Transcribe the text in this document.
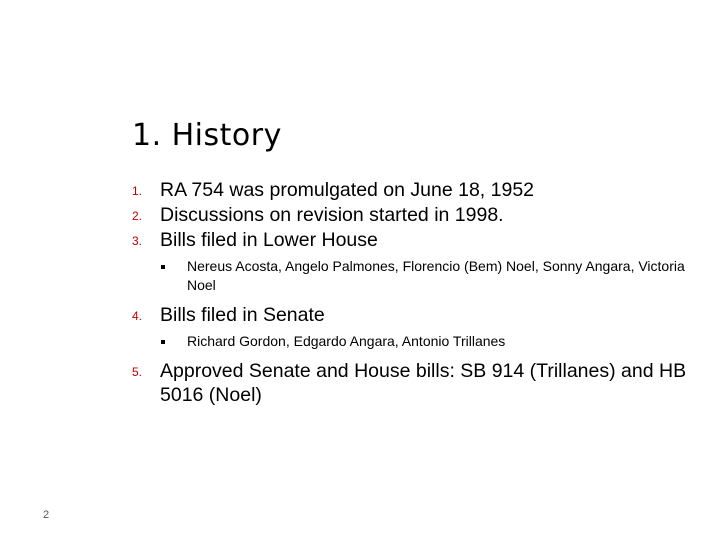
1. History
1. RA 754 was promulgated on June 18, 1952
2. Discussions on revision started in 1998.
3. Bills filed in Lower House
Nereus Acosta, Angelo Palmones, Florencio (Bem) Noel, Sonny Angara, Victoria Noel
4. Bills filed in Senate
Richard Gordon, Edgardo Angara, Antonio Trillanes
5. Approved Senate and House bills: SB 914 (Trillanes) and HB 5016 (Noel)
2
